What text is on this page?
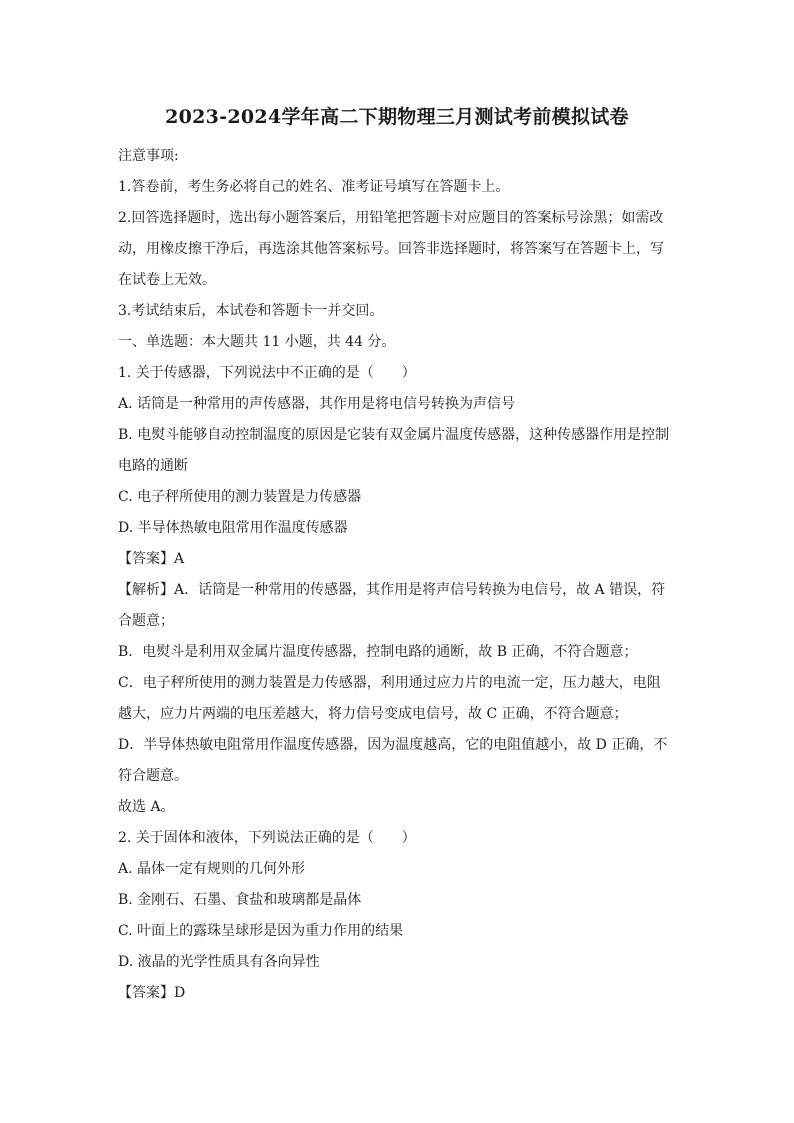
2023-2024学年高二下期物理三月测试考前模拟试卷
注意事项:
1.答卷前，考生务必将自己的姓名、准考证号填写在答题卡上。
2.回答选择题时，选出每小题答案后，用铅笔把答题卡对应题目的答案标号涂黑；如需改
动，用橡皮擦干净后，再选涂其他答案标号。回答非选择题时，将答案写在答题卡上，写
在试卷上无效。
3.考试结束后，本试卷和答题卡一并交回。
一、单选题：本大题共 11 小题，共 44 分。
1. 关于传感器，下列说法中不正确的是（　　）
A. 话筒是一种常用的声传感器，其作用是将电信号转换为声信号
B. 电熨斗能够自动控制温度的原因是它装有双金属片温度传感器，这种传感器作用是控制
电路的通断
C. 电子秤所使用的测力装置是力传感器
D. 半导体热敏电阻常用作温度传感器
【答案】A
【解析】A．话筒是一种常用的传感器，其作用是将声信号转换为电信号，故 A 错误，符
合题意；
B．电熨斗是利用双金属片温度传感器，控制电路的通断，故 B 正确，不符合题意；
C．电子秤所使用的测力装置是力传感器，利用通过应力片的电流一定，压力越大，电阻
越大，应力片两端的电压差越大，将力信号变成电信号，故 C 正确，不符合题意；
D．半导体热敏电阻常用作温度传感器，因为温度越高，它的电阻值越小，故 D 正确，不
符合题意。
故选 A。
2. 关于固体和液体，下列说法正确的是（　　）
A. 晶体一定有规则的几何外形
B. 金刚石、石墨、食盐和玻璃都是晶体
C. 叶面上的露珠呈球形是因为重力作用的结果
D. 液晶的光学性质具有各向异性
【答案】D
